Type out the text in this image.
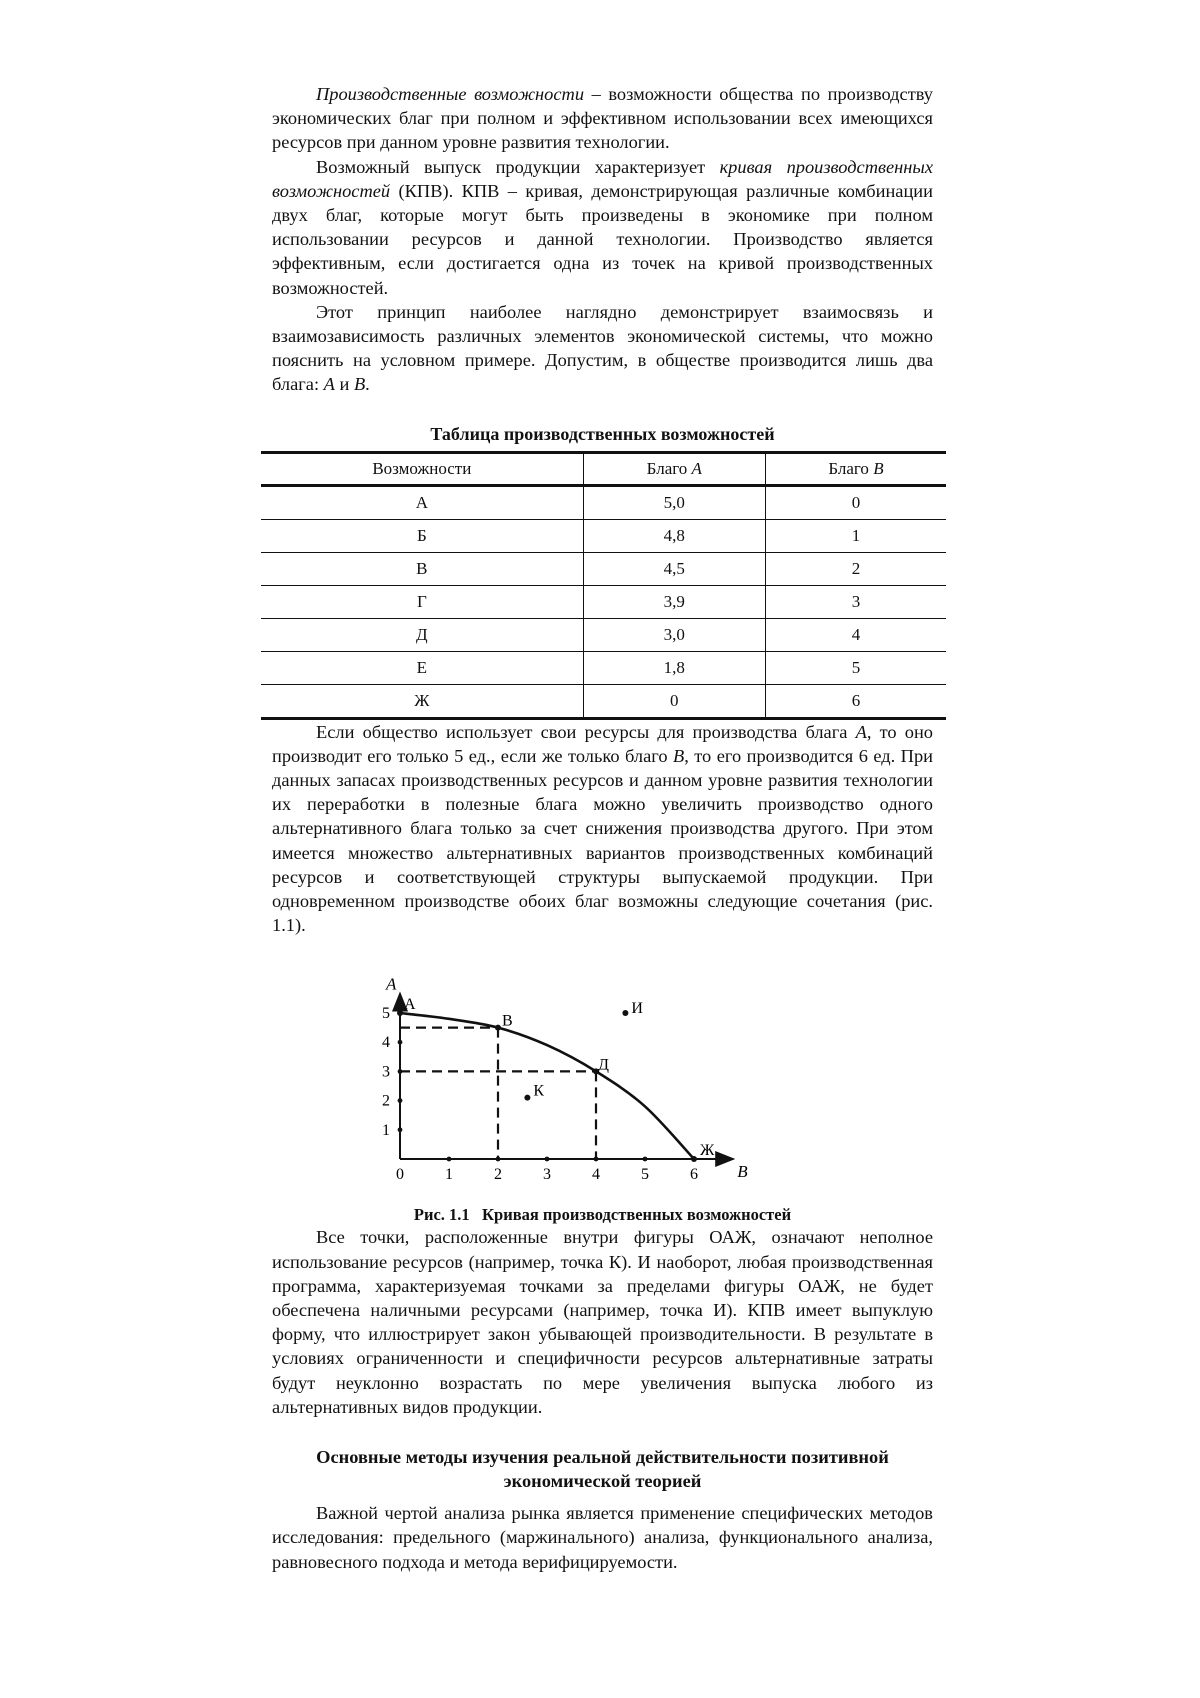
Производственные возможности – возможности общества по производству экономических благ при полном и эффективном использовании всех имеющихся ресурсов при данном уровне развития технологии.

Возможный выпуск продукции характеризует кривая производственных возможностей (КПВ). КПВ – кривая, демонстрирующая различные комбинации двух благ, которые могут быть произведены в экономике при полном использовании ресурсов и данной технологии. Производство является эффективным, если достигается одна из точек на кривой производственных возможностей.

Этот принцип наиболее наглядно демонстрирует взаимосвязь и взаимозависимость различных элементов экономической системы, что можно пояснить на условном примере. Допустим, в обществе производится лишь два блага: A и B.

Таблица производственных возможностей
Возможности	Благо A	Благо B
А	5,0	0
Б	4,8	1
В	4,5	2
Г	3,9	3
Д	3,0	4
Е	1,8	5
Ж	0	6

Если общество использует свои ресурсы для производства блага A, то оно производит его только 5 ед., если же только благо B, то его производится 6 ед. При данных запасах производственных ресурсов и данном уровне развития технологии их переработки в полезные блага можно увеличить производство одного альтернативного блага только за счет снижения производства другого. При этом имеется множество альтернативных вариантов производственных комбинаций ресурсов и соответствующей структуры выпускаемой продукции. При одновременном производстве обоих благ возможны следующие сочетания (рис. 1.1).

B
A
0	1	2	3	4	5	6
1
2
3
4
5
А
В
Д
Ж
И
К
Рис. 1.1 Кривая производственных возможностей

Все точки, расположенные внутри фигуры ОАЖ, означают неполное использование ресурсов (например, точка К). И наоборот, любая производственная программа, характеризуемая точками за пределами фигуры ОАЖ, не будет обеспечена наличными ресурсами (например, точка И). КПВ имеет выпуклую форму, что иллюстрирует закон убывающей производительности. В результате в условиях ограниченности и специфичности ресурсов альтернативные затраты будут неуклонно возрастать по мере увеличения выпуска любого из альтернативных видов продукции.

Основные методы изучения реальной действительности позитивной экономической теорией

Важной чертой анализа рынка является применение специфических методов исследования: предельного (маржинального) анализа, функционального анализа, равновесного подхода и метода верифицируемости.
